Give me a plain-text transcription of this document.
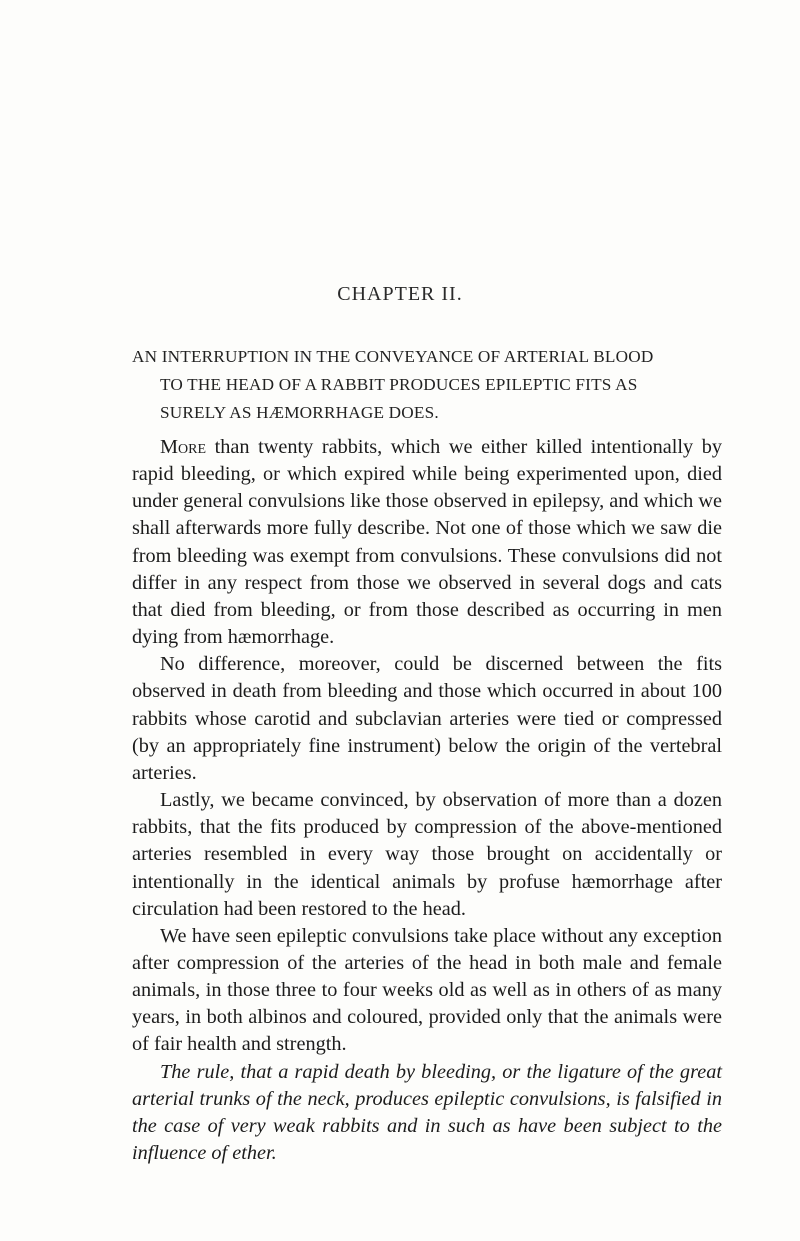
CHAPTER II.
AN INTERRUPTION IN THE CONVEYANCE OF ARTERIAL BLOOD
TO THE HEAD OF A RABBIT PRODUCES EPILEPTIC FITS AS
SURELY AS HÆMORRHAGE DOES.

More than twenty rabbits, which we either killed intentionally by rapid bleeding, or which expired while being experimented upon, died under general convulsions like those observed in epilepsy, and which we shall afterwards more fully describe. Not one of those which we saw die from bleeding was exempt from convulsions. These convulsions did not differ in any respect from those we observed in several dogs and cats that died from bleeding, or from those described as occurring in men dying from hæmorrhage.

No difference, moreover, could be discerned between the fits observed in death from bleeding and those which occurred in about 100 rabbits whose carotid and subclavian arteries were tied or compressed (by an appropriately fine instrument) below the origin of the vertebral arteries.

Lastly, we became convinced, by observation of more than a dozen rabbits, that the fits produced by compression of the above-mentioned arteries resembled in every way those brought on accidentally or intentionally in the identical animals by profuse hæmorrhage after circulation had been restored to the head.

We have seen epileptic convulsions take place without any exception after compression of the arteries of the head in both male and female animals, in those three to four weeks old as well as in others of as many years, in both albinos and coloured, provided only that the animals were of fair health and strength.

The rule, that a rapid death by bleeding, or the ligature of the great arterial trunks of the neck, produces epileptic convulsions, is falsified in the case of very weak rabbits and in such as have been subject to the influence of ether.
